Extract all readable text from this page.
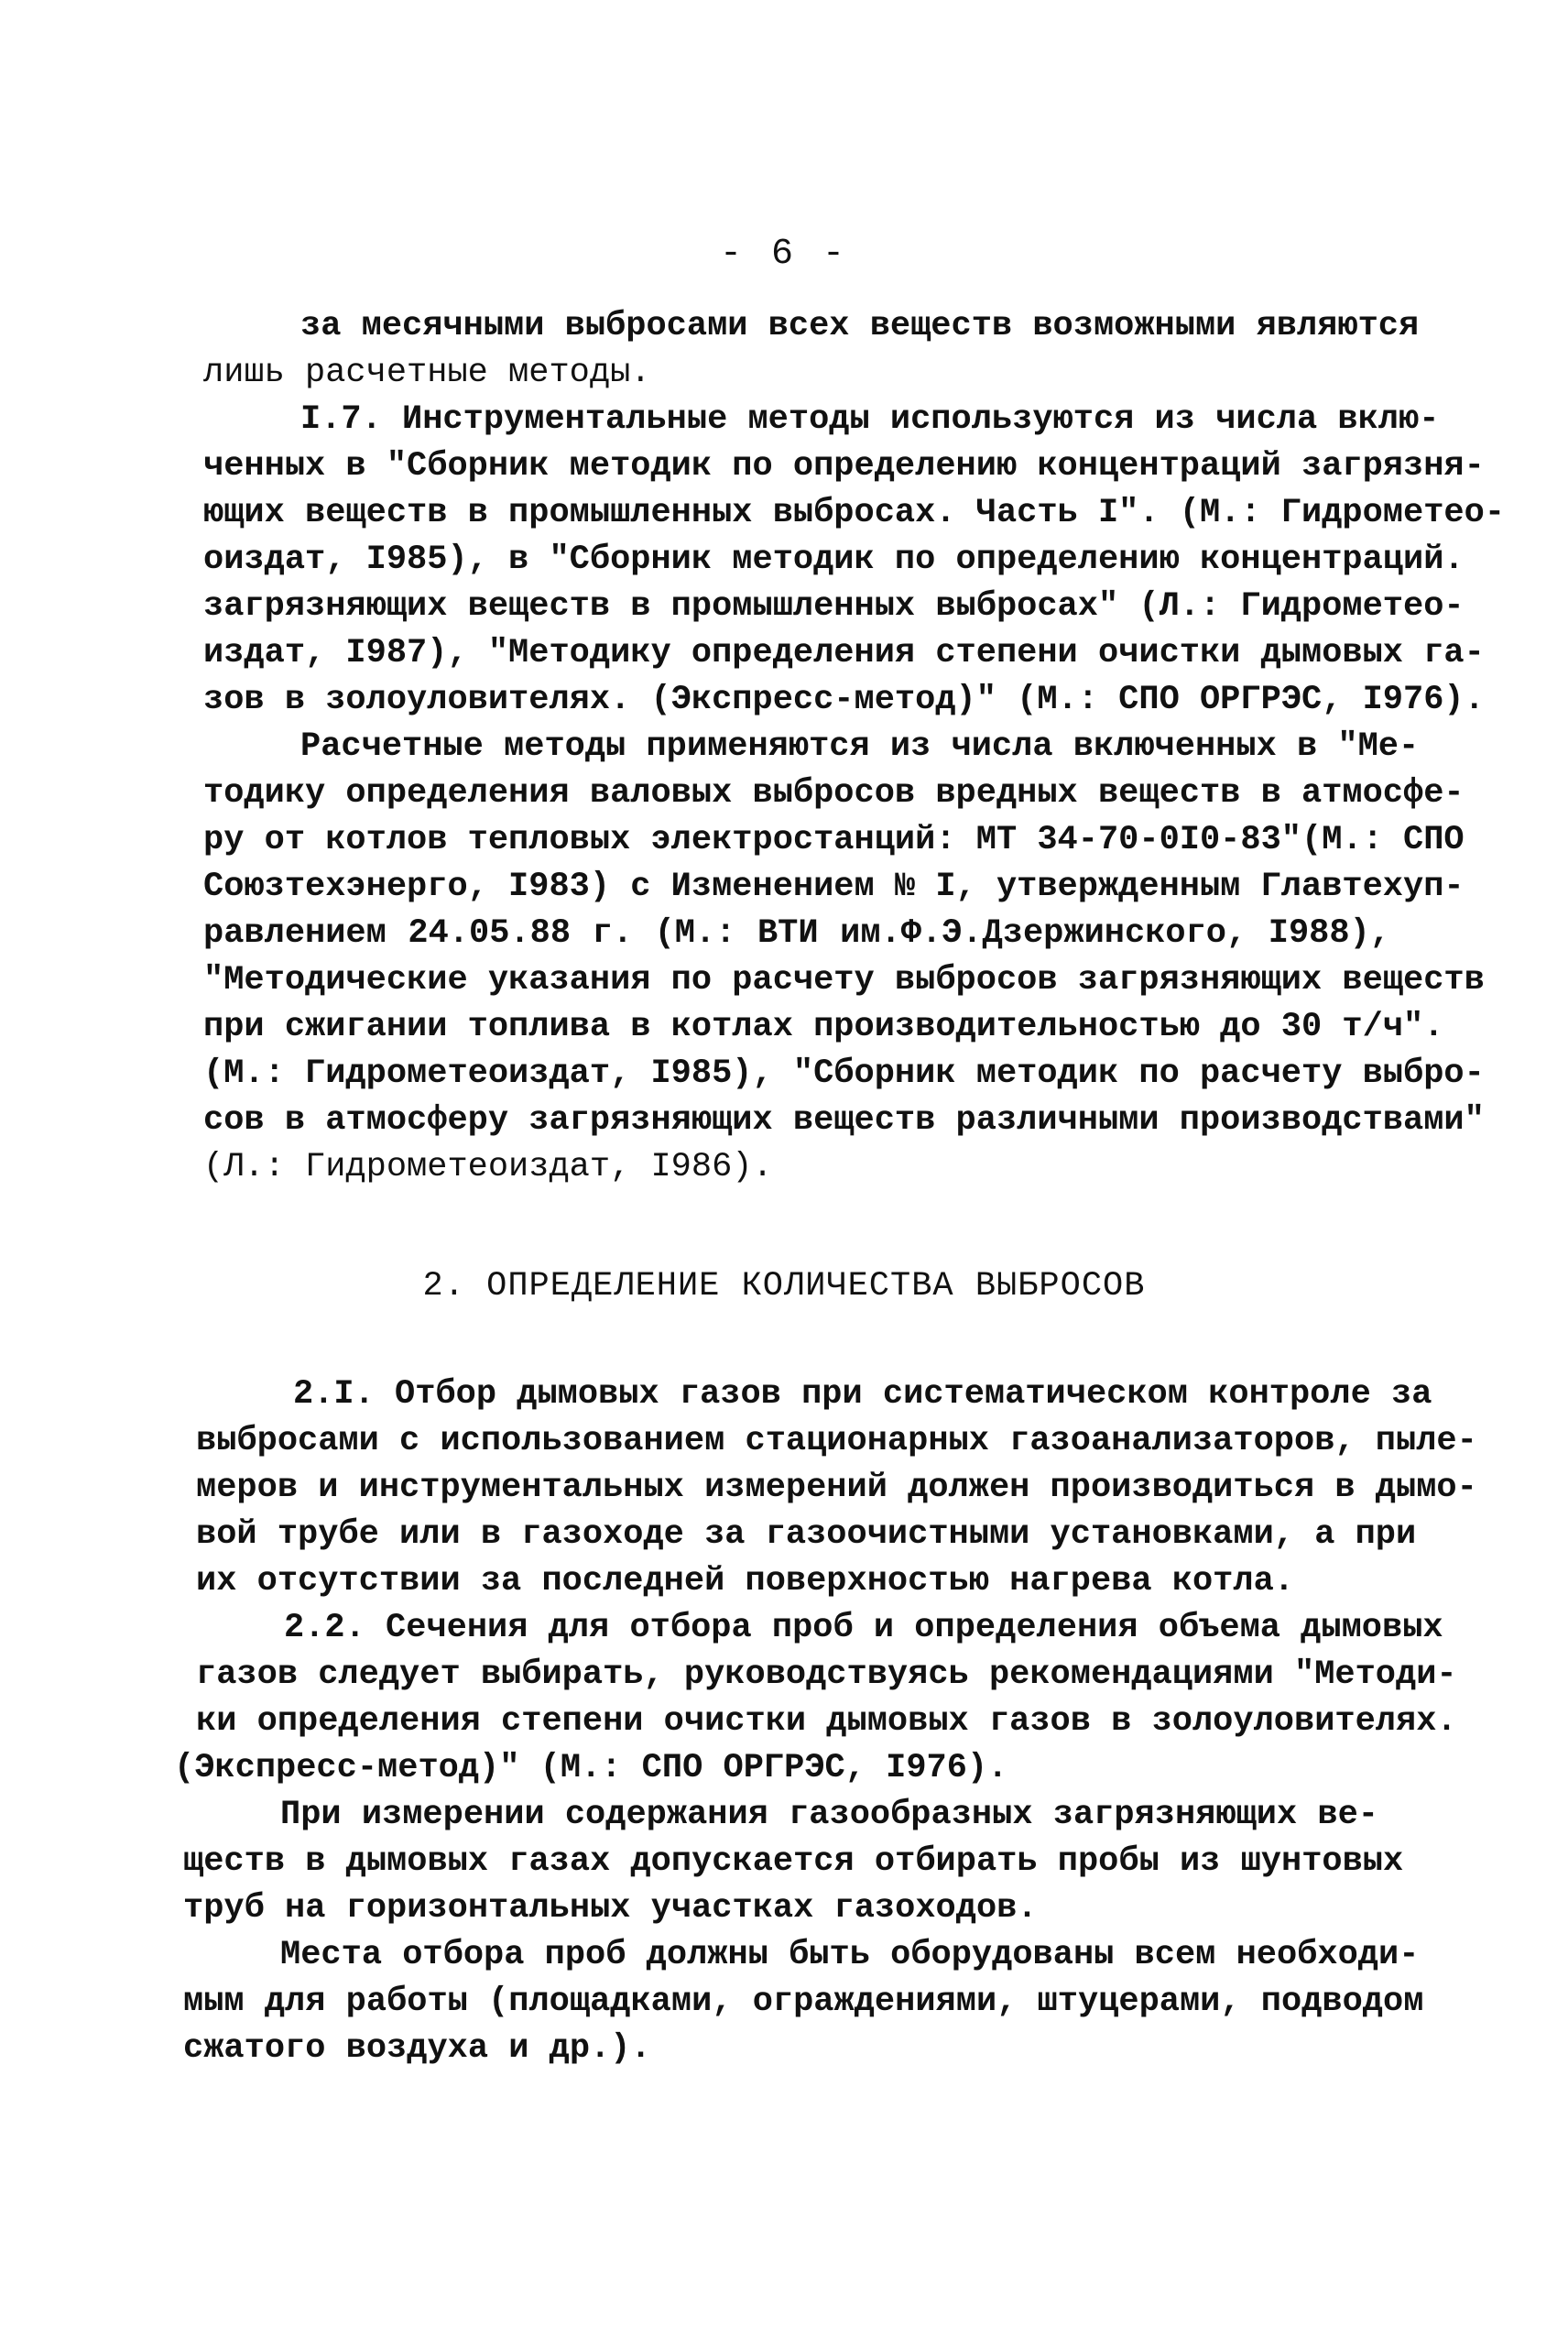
- 6 -
за месячными выбросами всех веществ возможными являются
лишь расчетные методы.
I.7. Инструментальные методы используются из числа вклю-
ченных в "Сборник методик по определению концентраций загрязня-
ющих веществ в промышленных выбросах. Часть I". (М.: Гидрометео-
оиздат, I985), в "Сборник методик по определению концентраций.
загрязняющих веществ в промышленных выбросах" (Л.: Гидрометео-
издат, I987), "Методику определения степени очистки дымовых га-
зов в золоуловителях. (Экспресс-метод)" (М.: СПО ОРГРЭС, I976).
Расчетные методы применяются из числа включенных в "Ме-
тодику определения валовых выбросов вредных веществ в атмосфе-
ру от котлов тепловых электростанций: МТ 34-70-0I0-83"(М.: СПО
Союзтехэнерго, I983) с Изменением № I, утвержденным Главтехуп-
равлением 24.05.88 г. (М.: ВТИ им.Ф.Э.Дзержинского, I988),
"Методические указания по расчету выбросов загрязняющих веществ
при сжигании топлива в котлах производительностью до 30 т/ч".
(М.: Гидрометеоиздат, I985), "Сборник методик по расчету выбро-
сов в атмосферу загрязняющих веществ различными производствами"
(Л.: Гидрометеоиздат, I986).
2. ОПРЕДЕЛЕНИЕ КОЛИЧЕСТВА ВЫБРОСОВ
2.I. Отбор дымовых газов при систематическом контроле за
выбросами с использованием стационарных газоанализаторов, пыле-
меров и инструментальных измерений должен производиться в дымо-
вой трубе или в газоходе за газоочистными установками, а при
их отсутствии за последней поверхностью нагрева котла.
2.2. Сечения для отбора проб и определения объема дымовых
газов следует выбирать, руководствуясь рекомендациями "Методи-
ки определения степени очистки дымовых газов в золоуловителях.
(Экспресс-метод)" (М.: СПО ОРГРЭС, I976).
При измерении содержания газообразных загрязняющих ве-
ществ в дымовых газах допускается отбирать пробы из шунтовых
труб на горизонтальных участках газоходов.
Места отбора проб должны быть оборудованы всем необходи-
мым для работы (площадками, ограждениями, штуцерами, подводом
сжатого воздуха и др.).
